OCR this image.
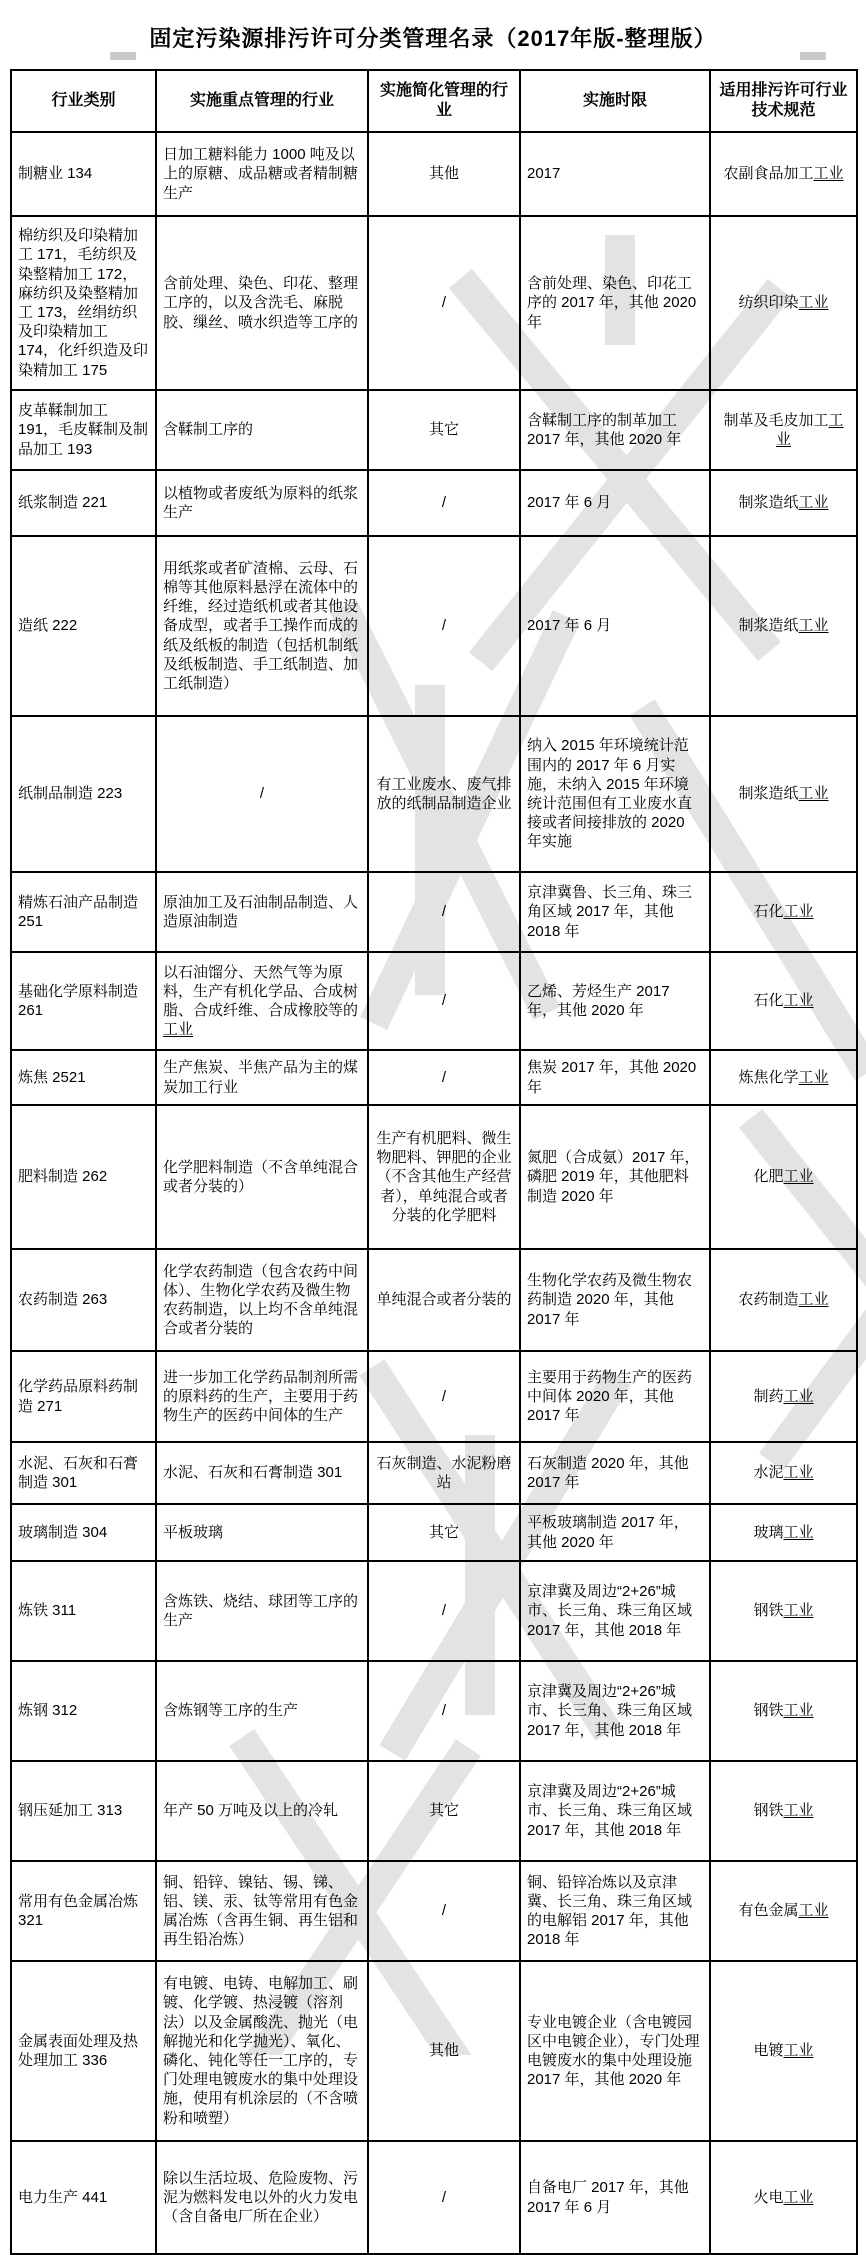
固定污染源排污许可分类管理名录（2017年版-整理版）
行业类别	实施重点管理的行业	实施简化管理的行业	实施时限	适用排污许可行业技术规范
制糖业 134	日加工糖料能力 1000 吨及以上的原糖、成品糖或者精制糖生产	其他	2017	农副食品加工工业
棉纺织及印染精加工 171，毛纺织及染整精加工 172，麻纺织及染整精加工 173，丝绢纺织及印染精加工 174，化纤织造及印染精加工 175	含前处理、染色、印花、整理工序的，以及含洗毛、麻脱胶、缫丝、喷水织造等工序的	/	含前处理、染色、印花工序的 2017 年，其他 2020 年	纺织印染工业
皮革鞣制加工 191，毛皮鞣制及制品加工 193	含鞣制工序的	其它	含鞣制工序的制革加工 2017 年，其他 2020 年	制革及毛皮加工工业
纸浆制造 221	以植物或者废纸为原料的纸浆生产	/	2017 年 6 月	制浆造纸工业
造纸 222	用纸浆或者矿渣棉、云母、石棉等其他原料悬浮在流体中的纤维，经过造纸机或者其他设备成型，或者手工操作而成的纸及纸板的制造（包括机制纸及纸板制造、手工纸制造、加工纸制造）	/	2017 年 6 月	制浆造纸工业
纸制品制造 223	/	有工业废水、废气排放的纸制品制造企业	纳入 2015 年环境统计范围内的 2017 年 6 月实施，未纳入 2015 年环境统计范围但有工业废水直接或者间接排放的 2020 年实施	制浆造纸工业
精炼石油产品制造 251	原油加工及石油制品制造、人造原油制造	/	京津冀鲁、长三角、珠三角区域 2017 年，其他 2018 年	石化工业
基础化学原料制造 261	以石油馏分、天然气等为原料，生产有机化学品、合成树脂、合成纤维、合成橡胶等的工业	/	乙烯、芳烃生产 2017 年，其他 2020 年	石化工业
炼焦 2521	生产焦炭、半焦产品为主的煤炭加工行业	/	焦炭 2017 年，其他 2020 年	炼焦化学工业
肥料制造 262	化学肥料制造（不含单纯混合或者分装的）	生产有机肥料、微生物肥料、钾肥的企业（不含其他生产经营者），单纯混合或者分装的化学肥料	氮肥（合成氨）2017 年，磷肥 2019 年，其他肥料制造 2020 年	化肥工业
农药制造 263	化学农药制造（包含农药中间体）、生物化学农药及微生物农药制造，以上均不含单纯混合或者分装的	单纯混合或者分装的	生物化学农药及微生物农药制造 2020 年，其他 2017 年	农药制造工业
化学药品原料药制造 271	进一步加工化学药品制剂所需的原料药的生产，主要用于药物生产的医药中间体的生产	/	主要用于药物生产的医药中间体 2020 年，其他 2017 年	制药工业
水泥、石灰和石膏制造 301	水泥、石灰和石膏制造 301	石灰制造、水泥粉磨站	石灰制造 2020 年，其他 2017 年	水泥工业
玻璃制造 304	平板玻璃	其它	平板玻璃制造 2017 年，其他 2020 年	玻璃工业
炼铁 311	含炼铁、烧结、球团等工序的生产	/	京津冀及周边“2+26”城市、长三角、珠三角区域 2017 年，其他 2018 年	钢铁工业
炼钢 312	含炼钢等工序的生产	/	京津冀及周边“2+26”城市、长三角、珠三角区域 2017 年，其他 2018 年	钢铁工业
钢压延加工 313	年产 50 万吨及以上的冷轧	其它	京津冀及周边“2+26”城市、长三角、珠三角区域 2017 年，其他 2018 年	钢铁工业
常用有色金属冶炼 321	铜、铅锌、镍钴、锡、锑、铝、镁、汞、钛等常用有色金属冶炼（含再生铜、再生铝和再生铅冶炼）	/	铜、铅锌冶炼以及京津冀、长三角、珠三角区域的电解铝 2017 年，其他 2018 年	有色金属工业
金属表面处理及热处理加工 336	有电镀、电铸、电解加工、刷镀、化学镀、热浸镀（溶剂法）以及金属酸洗、抛光（电解抛光和化学抛光）、氧化、磷化、钝化等任一工序的，专门处理电镀废水的集中处理设施，使用有机涂层的（不含喷粉和喷塑）	其他	专业电镀企业（含电镀园区中电镀企业），专门处理电镀废水的集中处理设施 2017 年，其他 2020 年	电镀工业
电力生产 441	除以生活垃圾、危险废物、污泥为燃料发电以外的火力发电（含自备电厂所在企业）	/	自备电厂 2017 年，其他 2017 年 6 月	火电工业
